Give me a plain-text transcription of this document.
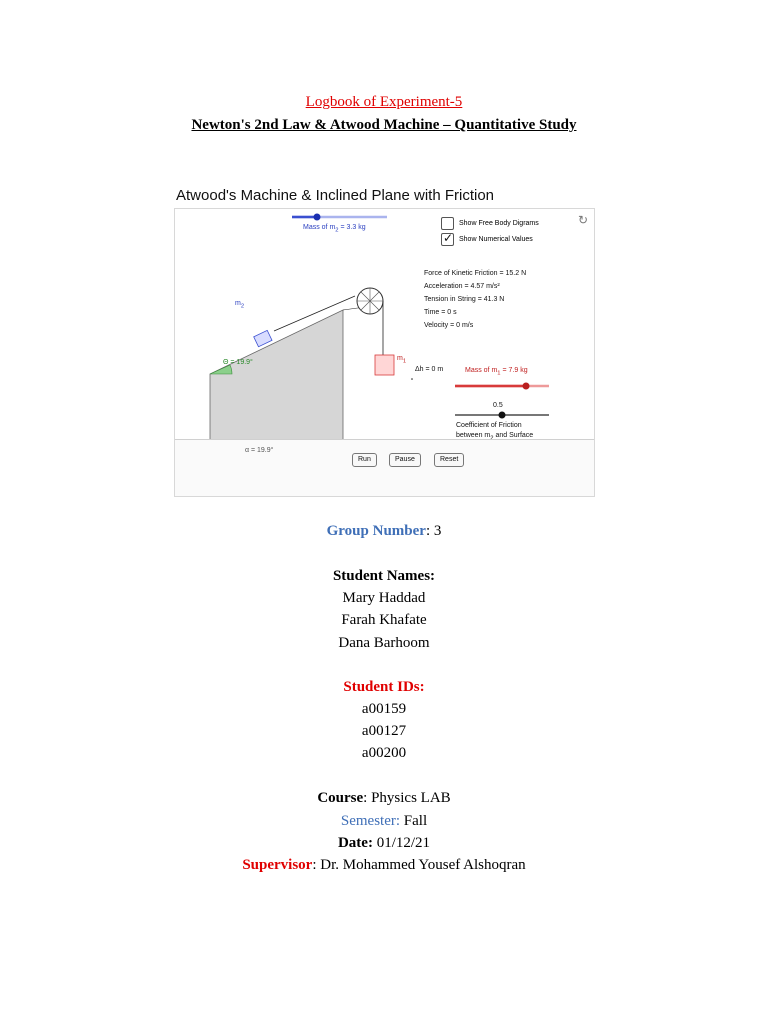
Logbook of Experiment-5
Newton's 2nd Law & Atwood Machine – Quantitative Study
Atwood's Machine & Inclined Plane with Friction
↻
Mass of $m_2 = 3.3$ kg
Show Free Body Digrams
✓
Show Numerical Values
Force of Kinetic Friction = 15.2 N
Acceleration = 4.57 m/s²
Tension in String = 41.3 N
Time = 0 s
Velocity = 0 m/s
$m_2$
$m_1$
Θ = 19.9°
Δh = 0 m	Mass of $m_1 = 7.9$ kg
0.5
Coefficient of Friction
between m and Surface
α = 19.9°
Run	Pause	Reset
Group Number: 3
Student Names:
Mary Haddad
Farah Khafate
Dana Barhoom
Student IDs:
a00159
a00127
a00200
Course: Physics LAB
Semester: Fall
Date: 01/12/21
Supervisor: Dr. Mohammed Yousef Alshoqran
